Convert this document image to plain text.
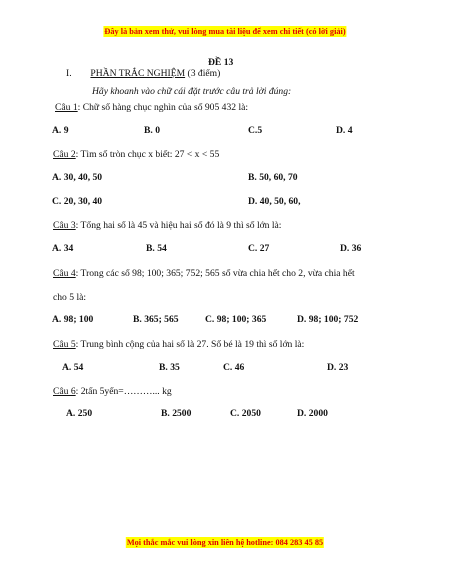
Đây là bản xem thử, vui lòng mua tài liệu để xem chi tiết (có lời giải)
ĐỀ 13
I. PHẦN TRẮC NGHIỆM (3 điểm)
Hãy khoanh vào chữ cái đặt trước câu trả lời đúng:
Câu 1: Chữ số hàng chục nghìn của số 905 432 là:
A. 9	B. 0	C.5	D. 4
Câu 2: Tìm số tròn chục x biết: 27 < x < 55
A. 30, 40, 50	B. 50, 60, 70
C. 20, 30, 40	D. 40, 50, 60,
Câu 3: Tổng hai số là 45 và hiệu hai số đó là 9 thì số lớn là:
A. 34	B. 54	C. 27	D. 36
Câu 4: Trong các số 98; 100; 365; 752; 565 số vừa chia hết cho 2, vừa chia hết
cho 5 là:
A. 98; 100	B. 365; 565	C. 98; 100; 365	D. 98; 100; 752
Câu 5: Trung bình cộng của hai số là 27. Số bé là 19 thì số lớn là:
A. 54	B. 35	C. 46	D. 23
Câu 6: 2tấn 5yến=………... kg
A. 250	B. 2500	C. 2050	D. 2000
Mọi thắc mắc vui lòng xin liên hệ hotline: 084 283 45 85
